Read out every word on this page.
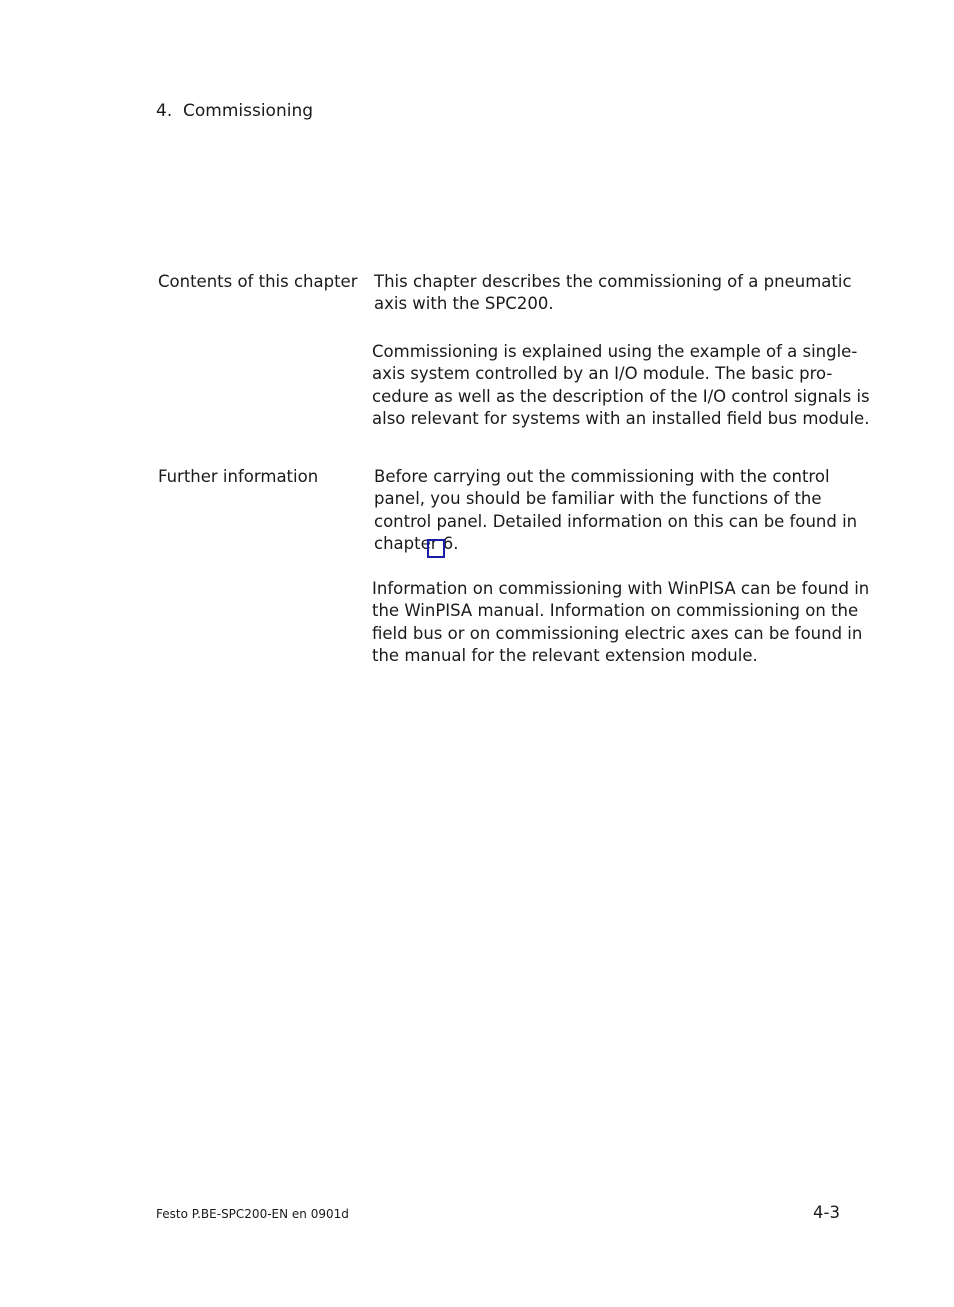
4. Commissioning
Contents of this chapter This chapter describes the commissioning of a pneumatic
axis with the SPC200.
Commissioning is explained using the example of a single-
axis system controlled by an I/O module. The basic pro-
cedure as well as the description of the I/O control signals is
also relevant for systems with an installed field bus module.
Further information	Before carrying out the commissioning with the control
panel, you should be familiar with the functions of the
control panel. Detailed information on this can be found in
chapter 6.
Information on commissioning with WinPISA can be found in
the WinPISA manual. Information on commissioning on the
field bus or on commissioning electric axes can be found in
the manual for the relevant extension module.
Festo P.BE-SPC200-EN en 0901d	4-3
